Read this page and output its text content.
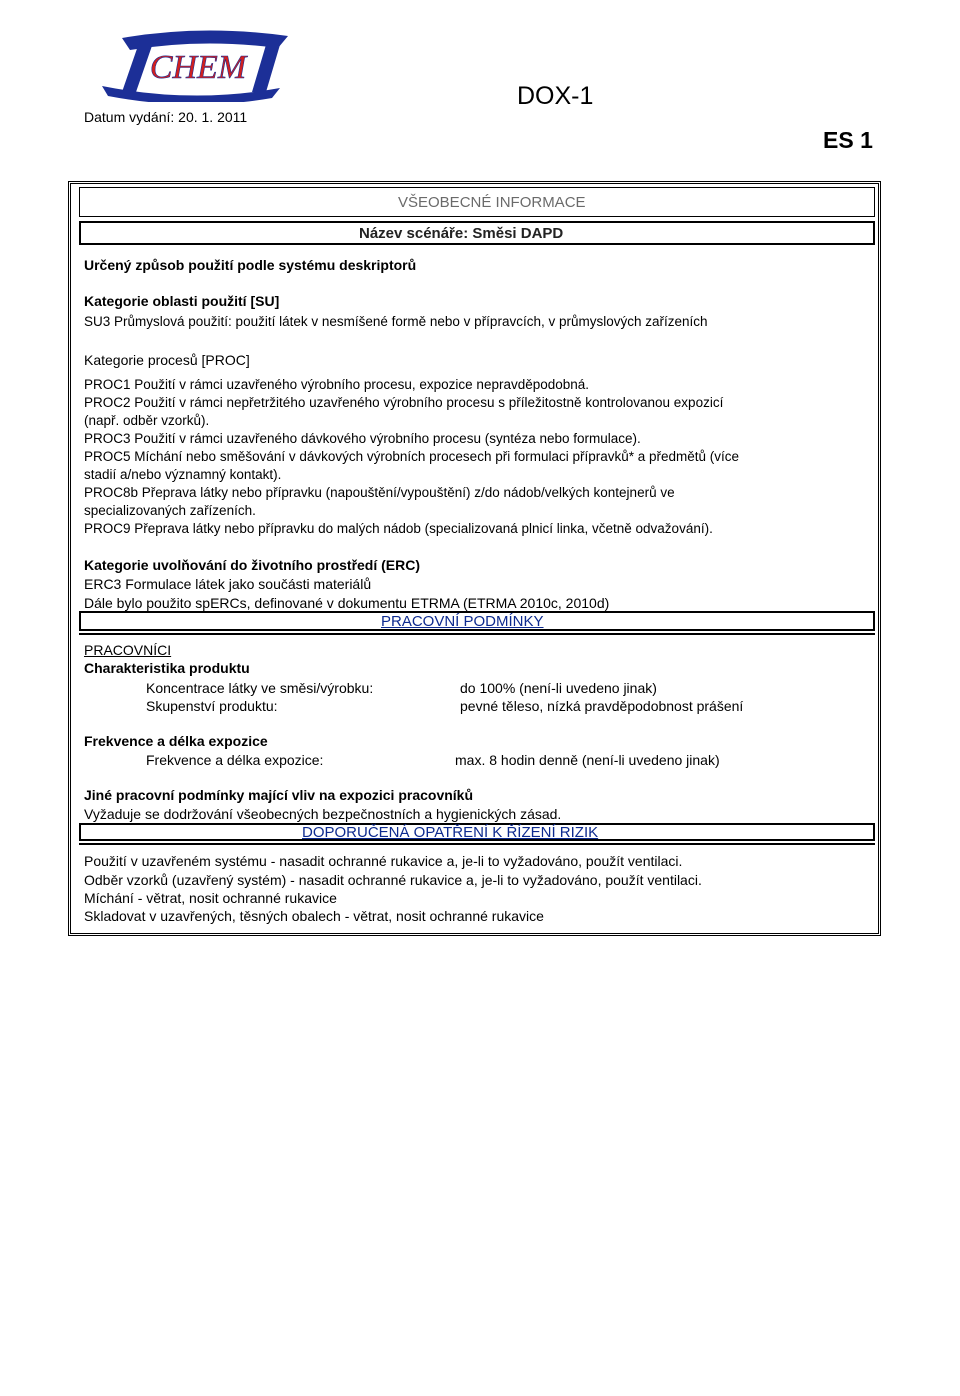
CHEM
Datum vydání: 20. 1. 2011
DOX-1
ES 1
VŠEOBECNÉ INFORMACE
Název scénáře: Směsi DAPD
Určený způsob použití podle systému deskriptorů
Kategorie oblasti použití [SU]
SU3 Průmyslová použití: použití látek v nesmíšené formě nebo v přípravcích, v průmyslových zařízeních
Kategorie procesů [PROC]
PROC1 Použití v rámci uzavřeného výrobního procesu, expozice nepravděpodobná.
PROC2 Použití v rámci nepřetržitého uzavřeného výrobního procesu s příležitostně kontrolovanou expozicí
(např. odběr vzorků).
PROC3 Použití v rámci uzavřeného dávkového výrobního procesu (syntéza nebo formulace).
PROC5 Míchání nebo směšování v dávkových výrobních procesech při formulaci přípravků* a předmětů (více
stadií a/nebo významný kontakt).
PROC8b Přeprava látky nebo přípravku (napouštění/vypouštění) z/do nádob/velkých kontejnerů ve
specializovaných zařízeních.
PROC9 Přeprava látky nebo přípravku do malých nádob (specializovaná plnicí linka, včetně odvažování).
Kategorie uvolňování do životního prostředí (ERC)
ERC3 Formulace látek jako součásti materiálů
Dále bylo použito spERCs, definované v dokumentu ETRMA (ETRMA 2010c, 2010d)
PRACOVNÍ PODMÍNKY
PRACOVNÍCI
Charakteristika produktu
Koncentrace látky ve směsi/výrobku:	do 100% (není-li uvedeno jinak)
Skupenství produktu:	pevné těleso, nízká pravděpodobnost prášení
Frekvence a délka expozice
Frekvence a délka expozice:	max. 8 hodin denně (není-li uvedeno jinak)
Jiné pracovní podmínky mající vliv na expozici pracovníků
Vyžaduje se dodržování všeobecných bezpečnostních a hygienických zásad.
DOPORUČENÁ OPATŘENÍ K ŘÍZENÍ RIZIK
Použití v uzavřeném systému - nasadit ochranné rukavice a, je-li to vyžadováno, použít ventilaci.
Odběr vzorků (uzavřený systém) - nasadit ochranné rukavice a, je-li to vyžadováno, použít ventilaci.
Míchání - větrat, nosit ochranné rukavice
Skladovat v uzavřených, těsných obalech - větrat, nosit ochranné rukavice
